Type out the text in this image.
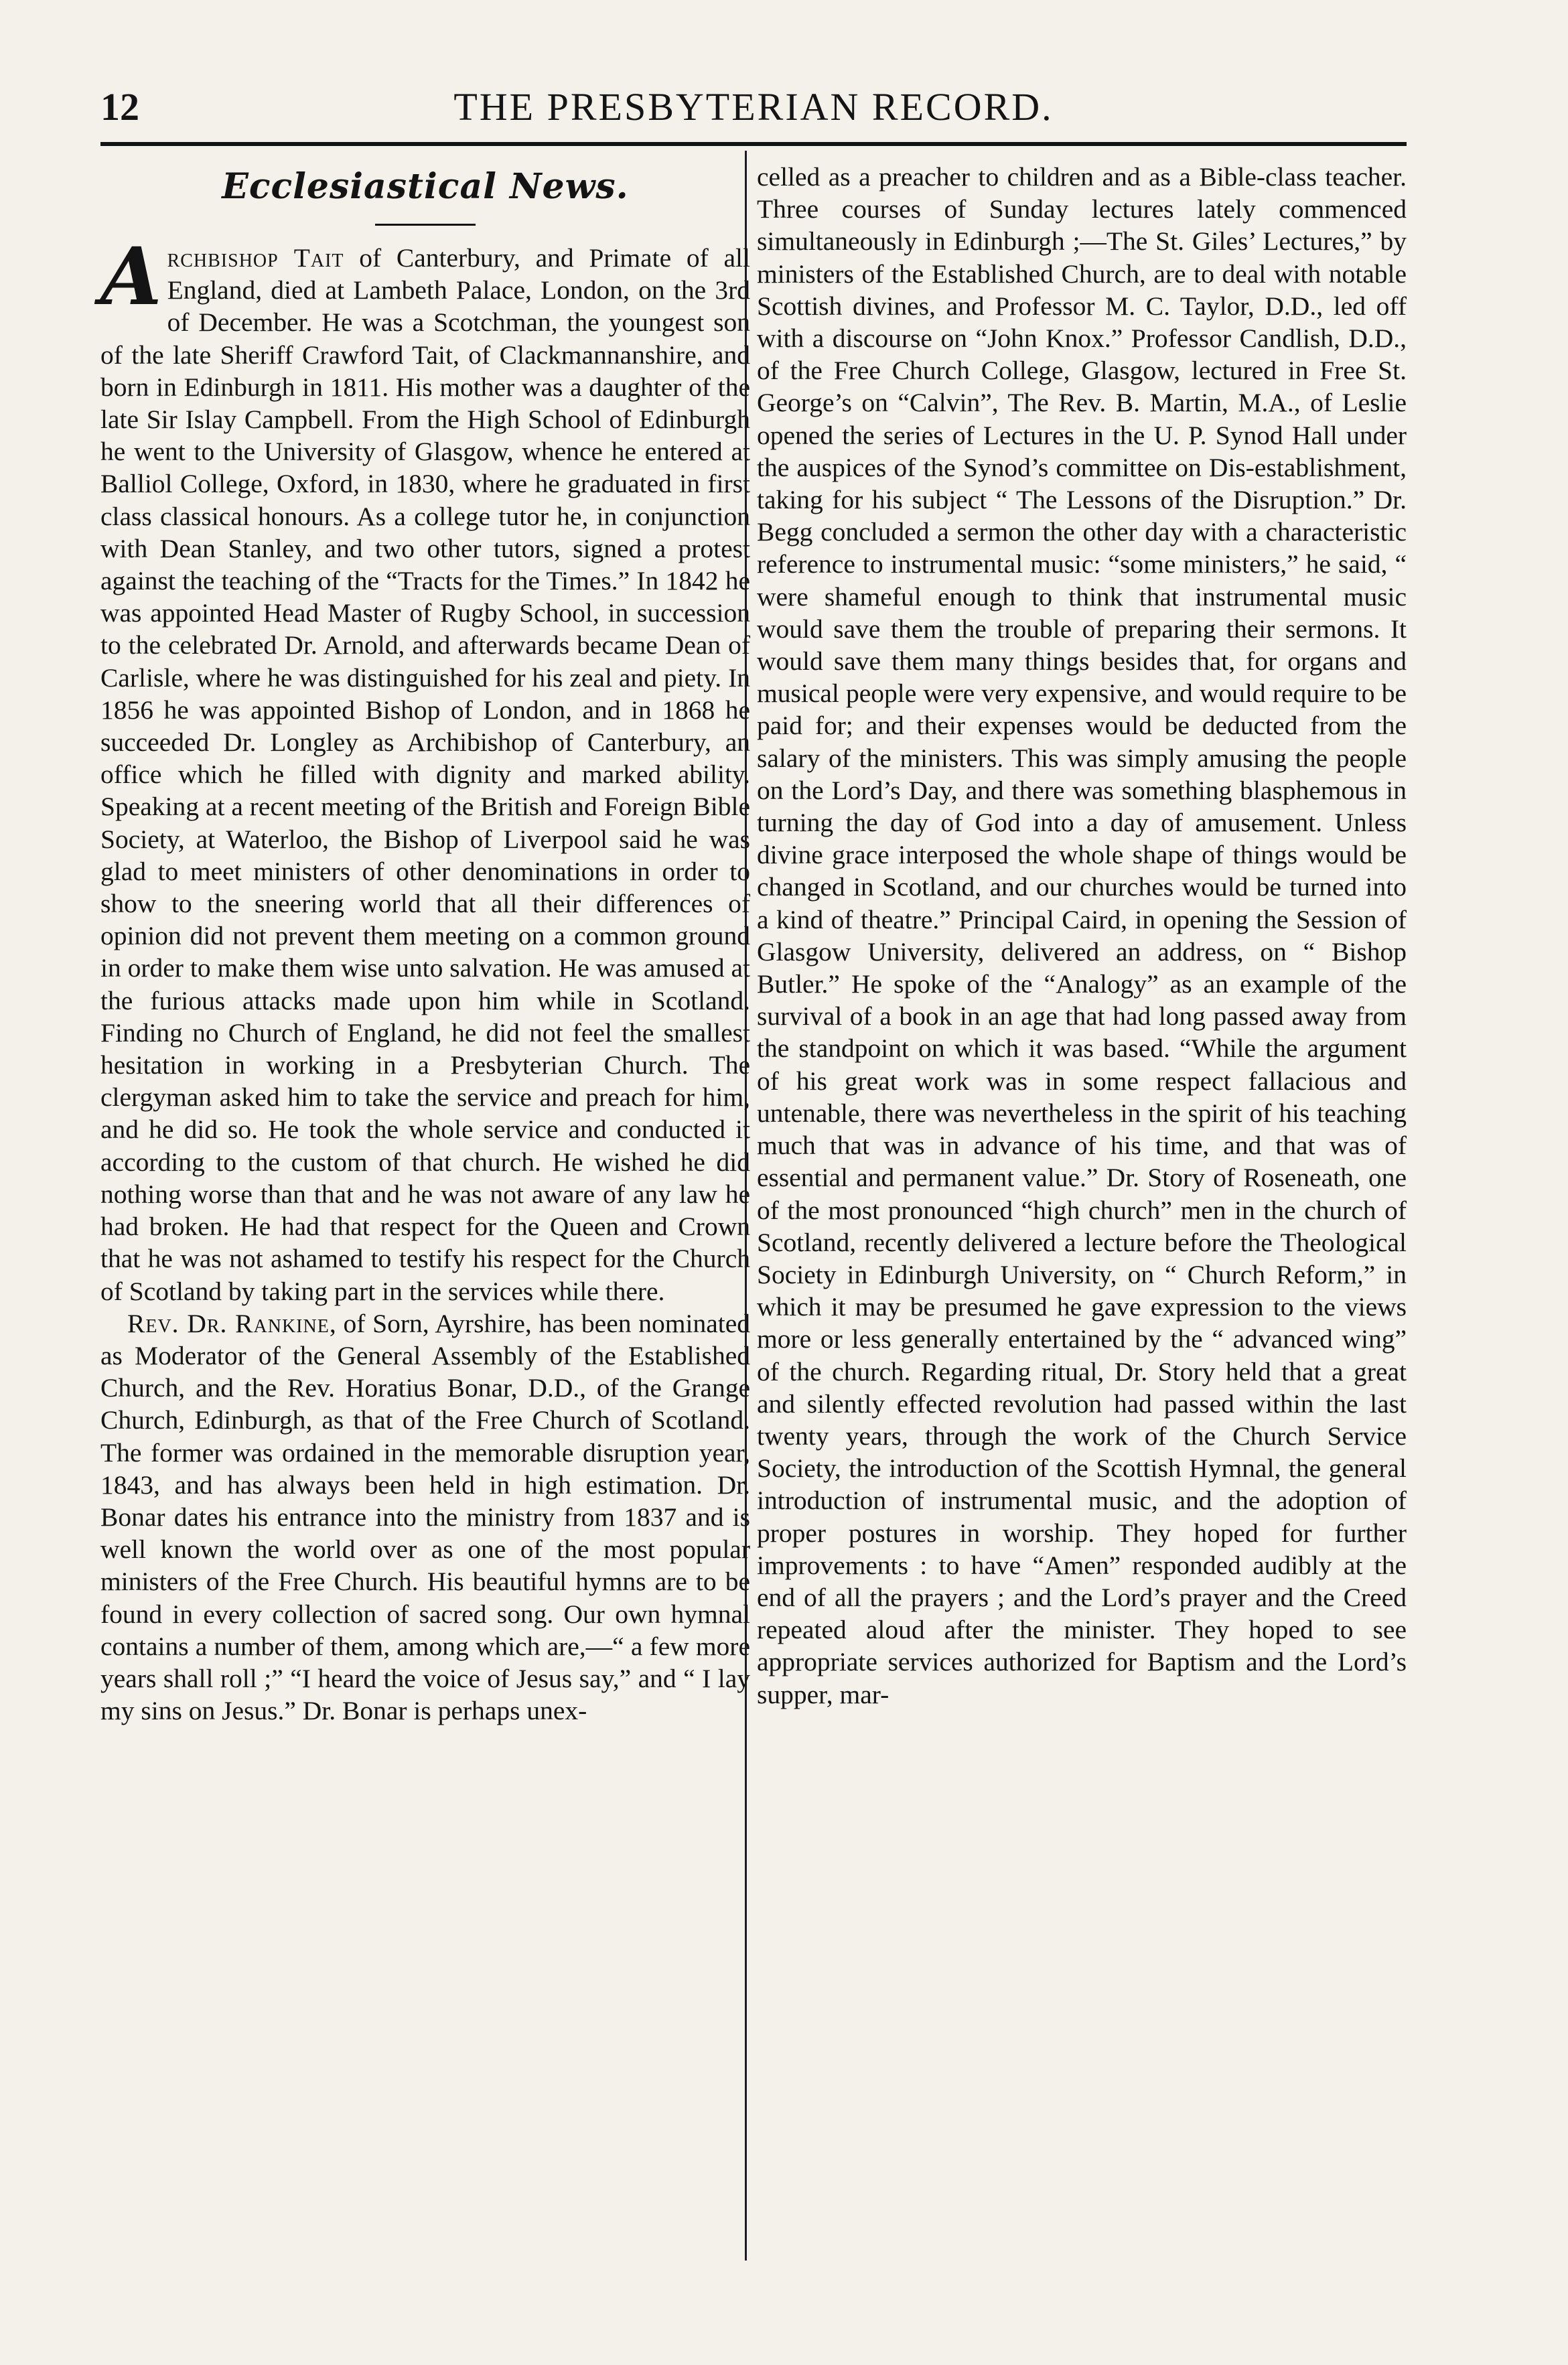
12	THE PRESBYTERIAN RECORD.
Ecclesiastical News.

Archbishop Tait of Canterbury, and Primate of all England, died at Lambeth Palace, London, on the 3rd of December. He was a Scotchman, the youngest son of the late Sheriff Crawford Tait, of Clackmannanshire, and born in Edinburgh in 1811. His mother was a daughter of the late Sir Islay Campbell. From the High School of Edinburgh he went to the University of Glasgow, whence he entered at Balliol College, Oxford, in 1830, where he graduated in first class classical honours. As a college tutor he, in conjunction with Dean Stanley, and two other tutors, signed a protest against the teaching of the “Tracts for the Times.” In 1842 he was appointed Head Master of Rugby School, in succession to the celebrated Dr. Arnold, and afterwards became Dean of Carlisle, where he was distinguished for his zeal and piety. In 1856 he was appointed Bishop of London, and in 1868 he succeeded Dr. Longley as Archibishop of Canterbury, an office which he filled with dignity and marked ability. Speaking at a recent meeting of the British and Foreign Bible Society, at Waterloo, the Bishop of Liverpool said he was glad to meet ministers of other denominations in order to show to the sneering world that all their differences of opinion did not prevent them meeting on a common ground in order to make them wise unto salvation. He was amused at the furious attacks made upon him while in Scotland. Finding no Church of England, he did not feel the smallest hesitation in working in a Presbyterian Church. The clergyman asked him to take the service and preach for him, and he did so. He took the whole service and conducted it according to the custom of that church. He wished he did nothing worse than that and he was not aware of any law he had broken. He had that respect for the Queen and Crown that he was not ashamed to testify his respect for the Church of Scotland by taking part in the services while there.

Rev. Dr. Rankine, of Sorn, Ayrshire, has been nominated as Moderator of the General Assembly of the Established Church, and the Rev. Horatius Bonar, D.D., of the Grange Church, Edinburgh, as that of the Free Church of Scotland. The former was ordained in the memorable disruption year, 1843, and has always been held in high estimation. Dr. Bonar dates his entrance into the ministry from 1837 and is well known the world over as one of the most popular ministers of the Free Church. His beautiful hymns are to be found in every collection of sacred song. Our own hymnal contains a number of them, among which are,—“ a few more years shall roll ;” “I heard the voice of Jesus say,” and “ I lay my sins on Jesus.” Dr. Bonar is perhaps unex-

celled as a preacher to children and as a Bible-class teacher. Three courses of Sunday lectures lately commenced simultaneously in Edinburgh ;—The St. Giles’ Lectures,” by ministers of the Established Church, are to deal with notable Scottish divines, and Professor M. C. Taylor, D.D., led off with a discourse on “John Knox.” Professor Candlish, D.D., of the Free Church College, Glasgow, lectured in Free St. George’s on “Calvin”, The Rev. B. Martin, M.A., of Leslie opened the series of Lectures in the U. P. Synod Hall under the auspices of the Synod’s committee on Dis-establishment, taking for his subject “ The Lessons of the Disruption.” Dr. Begg concluded a sermon the other day with a characteristic reference to instrumental music: “some ministers,” he said, “ were shameful enough to think that instrumental music would save them the trouble of preparing their sermons. It would save them many things besides that, for organs and musical people were very expensive, and would require to be paid for; and their expenses would be deducted from the salary of the ministers. This was simply amusing the people on the Lord’s Day, and there was something blasphemous in turning the day of God into a day of amusement. Unless divine grace interposed the whole shape of things would be changed in Scotland, and our churches would be turned into a kind of theatre.” Principal Caird, in opening the Session of Glasgow University, delivered an address, on “ Bishop Butler.” He spoke of the “Analogy” as an example of the survival of a book in an age that had long passed away from the standpoint on which it was based. “While the argument of his great work was in some respect fallacious and untenable, there was nevertheless in the spirit of his teaching much that was in advance of his time, and that was of essential and permanent value.” Dr. Story of Roseneath, one of the most pronounced “high church” men in the church of Scotland, recently delivered a lecture before the Theological Society in Edinburgh University, on “ Church Reform,” in which it may be presumed he gave expression to the views more or less generally entertained by the “ advanced wing” of the church. Regarding ritual, Dr. Story held that a great and silently effected revolution had passed within the last twenty years, through the work of the Church Service Society, the introduction of the Scottish Hymnal, the general introduction of instrumental music, and the adoption of proper postures in worship. They hoped for further improvements : to have “Amen” responded audibly at the end of all the prayers ; and the Lord’s prayer and the Creed repeated aloud after the minister. They hoped to see appropriate services authorized for Baptism and the Lord’s supper, mar-
